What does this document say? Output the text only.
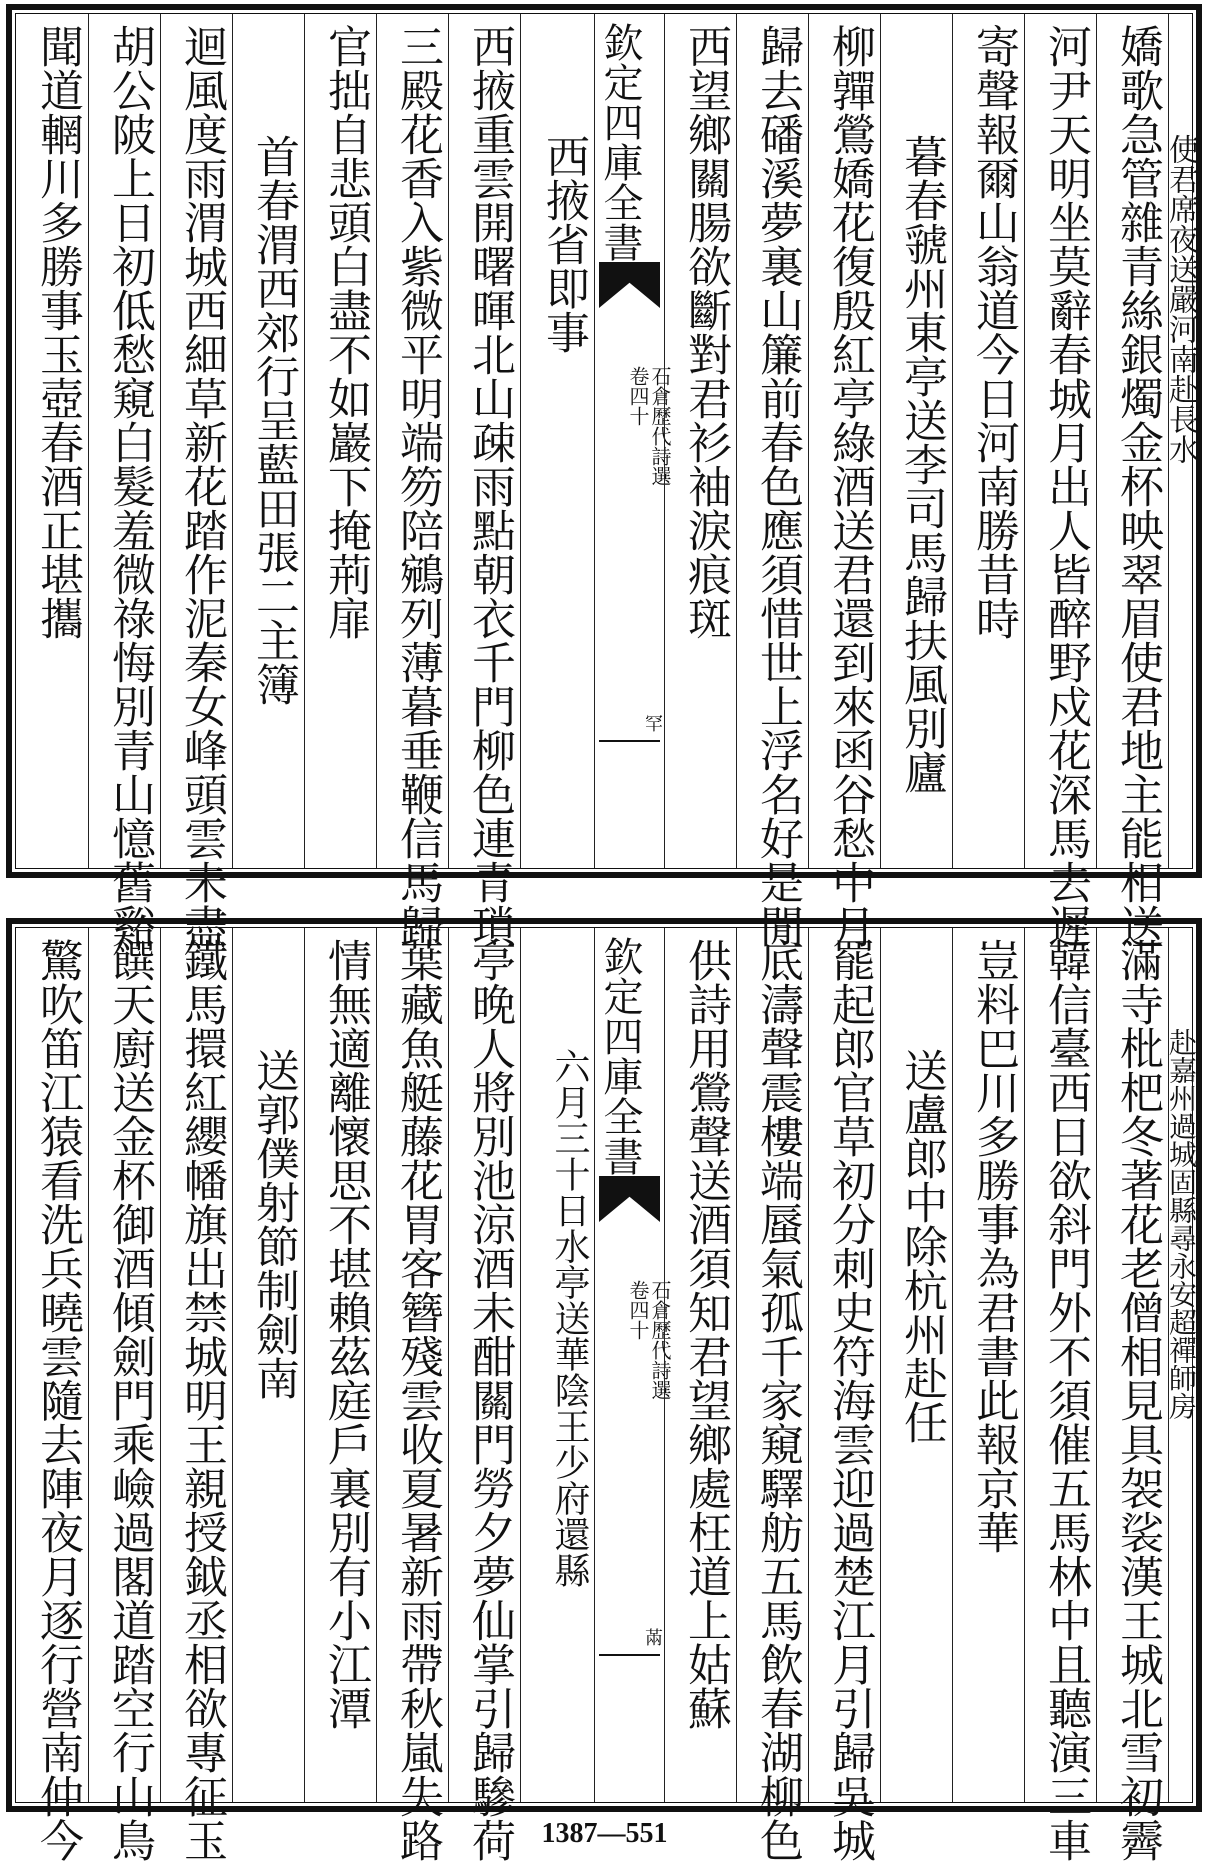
聞道輞川多勝事玉壺春酒正堪攜 胡公陂上日初低愁窺白髮羞微祿悔別青山憶舊谿 迴風度雨渭城西細草新花踏作泥秦女峰頭雲未盡 首春渭西郊行呈藍田張二主簿 官拙自悲頭白盡不如巖下掩荊扉 三殿花香入紫微平明端笏陪鵷列薄暮垂鞭信馬歸 西掖重雲開曙暉北山疎雨點朝衣千門柳色連青瑣 西掖省即事 欽定四庫全書
石倉歷代詩選
卷四十
罕
西望鄉關腸欲斷對君衫袖淚痕斑 歸去磻溪夢裏山簾前春色應須惜世上浮名好是閒 柳嚲鶯嬌花復殷紅亭綠酒送君還到來函谷愁中月 暮春虢州東亭送李司馬歸扶風別廬 寄聲報爾山翁道今日河南勝昔時 河尹天明坐莫辭春城月出人皆醉野戍花深馬去遲 嬌歌急管雜青絲銀燭金杯映翠眉使君地主能相送 使君席夜送嚴河南赴長水
驚吹笛江猿看洗兵曉雲隨去陣夜月逐行營南仲今 饌天廚送金杯御酒傾劍門乘嶮過閣道踏空行山鳥 鐵馬擐紅纓幡旗出禁城明王親授鉞丞相欲專征玉 送郭僕射節制劍南 情無適離懷思不堪賴茲庭戶裏別有小江潭 葉藏魚艇藤花胃客簪殘雲收夏暑新雨帶秋嵐失路 亭晚人將別池涼酒未酣關門勞夕夢仙掌引歸驂荷 六月三十日水亭送華陰王少府還縣 欽定四庫全書
石倉歷代詩選
卷四十
㒼 供詩用鶯聲送酒須知君望鄉處枉道上姑蘇 底濤聲震樓端蜃氣孤千家窺驛舫五馬飲春湖柳色 罷起郎官草初分刺史符海雲迎過楚江月引歸吳城 送盧郎中除杭州赴任 豈料巴川多勝事為君書此報京華 韓信臺西日欲斜門外不須催五馬林中且聽演三車 滿寺枇杷冬著花老僧相見具袈裟漢王城北雪初霽 赴嘉州過城固縣尋永安超禪師房
1387—551
